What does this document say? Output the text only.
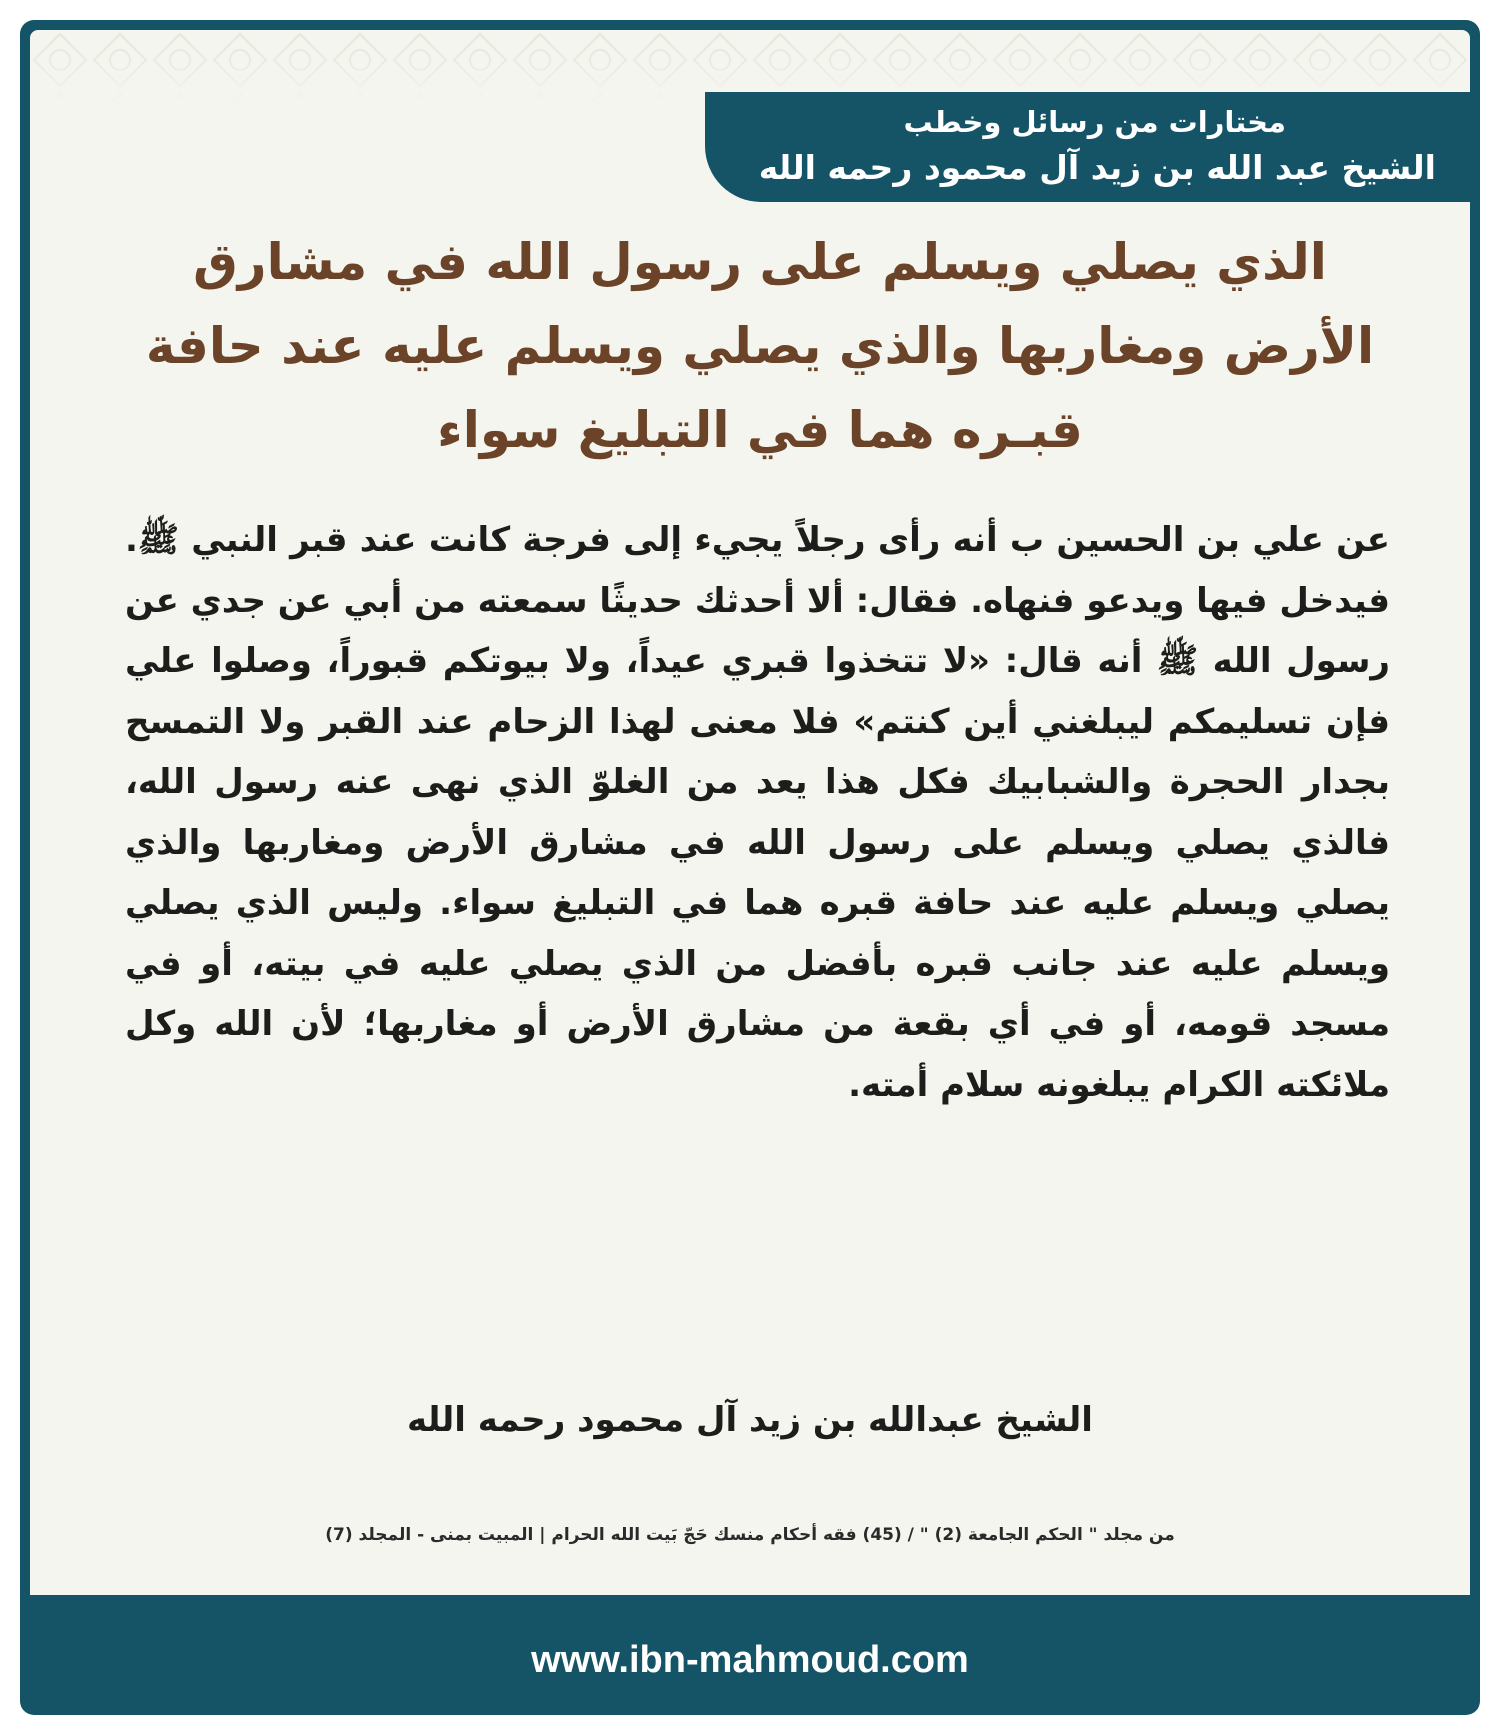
مختارات من رسائل وخطب
الشيخ عبد الله بن زيد آل محمود رحمه الله
الذي يصلي ويسلم على رسول الله في مشارق الأرض ومغاربها والذي يصلي ويسلم عليه عند حافة قبـره هما في التبليغ سواء

عن علي بن الحسين ب أنه رأى رجلاً يجيء إلى فرجة كانت عند قبر النبي ﷺ. فيدخل فيها ويدعو فنهاه. فقال: ألا أحدثك حديثًا سمعته من أبي عن جدي عن رسول الله ﷺ أنه قال: «لا تتخذوا قبري عيداً، ولا بيوتكم قبوراً، وصلوا علي فإن تسليمكم ليبلغني أين كنتم» فلا معنى لهذا الزحام عند القبر ولا التمسح بجدار الحجرة والشبابيك فكل هذا يعد من الغلوّ الذي نهى عنه رسول الله، فالذي يصلي ويسلم على رسول الله في مشارق الأرض ومغاربها والذي يصلي ويسلم عليه عند حافة قبره هما في التبليغ سواء. وليس الذي يصلي ويسلم عليه عند جانب قبره بأفضل من الذي يصلي عليه في بيته، أو في مسجد قومه، أو في أي بقعة من مشارق الأرض أو مغاربها؛ لأن الله وكل ملائكته الكرام يبلغونه سلام أمته.

الشيخ عبدالله بن زيد آل محمود رحمه الله
من مجلد " الحكم الجامعة (2) " / (45) فقه أحكام منسك حَجّ بَيت الله الحرام | المبيت بمنى - المجلد (7)
www.ibn-mahmoud.com
